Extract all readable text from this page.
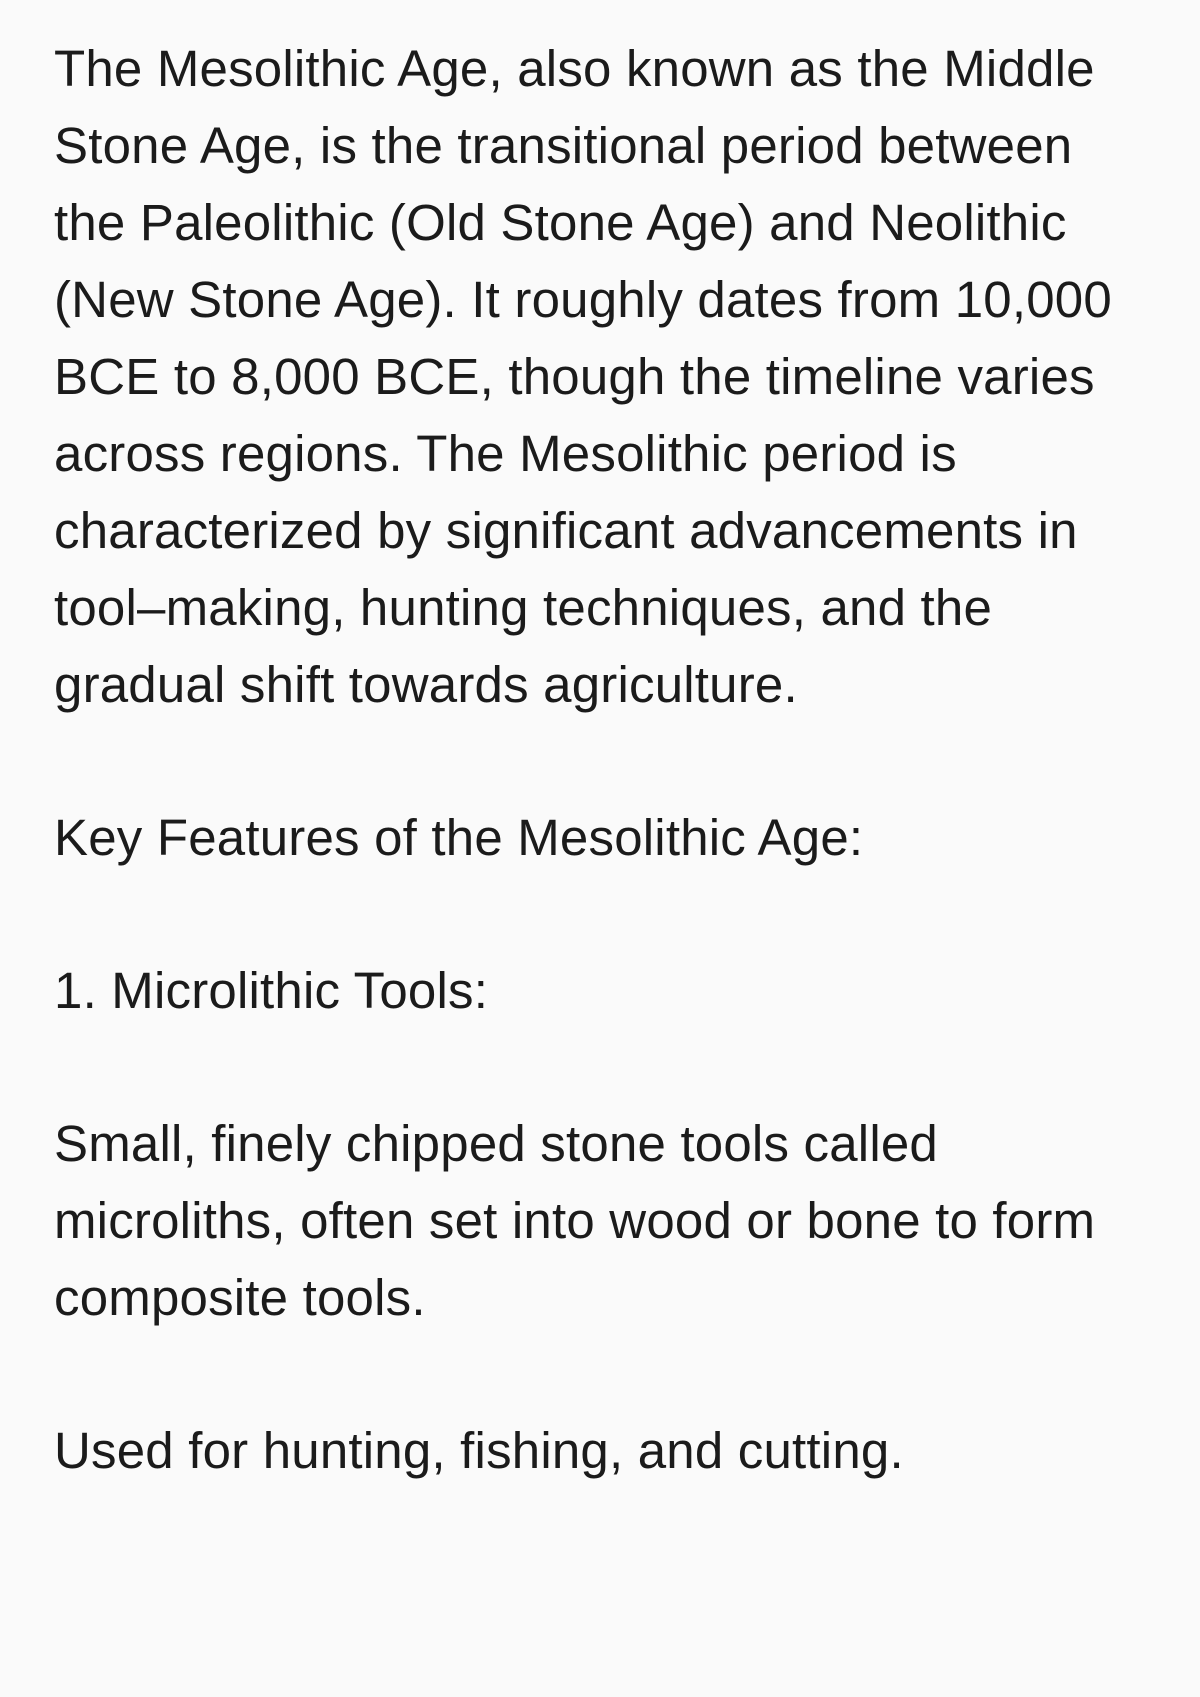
The Mesolithic Age, also known as the Middle Stone Age, is the transitional period between the Paleolithic (Old Stone Age) and Neolithic (New Stone Age). It roughly dates from 10,000 BCE to 8,000 BCE, though the timeline varies across regions. The Mesolithic period is characterized by significant advancements in tool–making, hunting techniques, and the gradual shift towards agriculture.

Key Features of the Mesolithic Age:

1. Microlithic Tools:

Small, finely chipped stone tools called microliths, often set into wood or bone to form composite tools.

Used for hunting, fishing, and cutting.
